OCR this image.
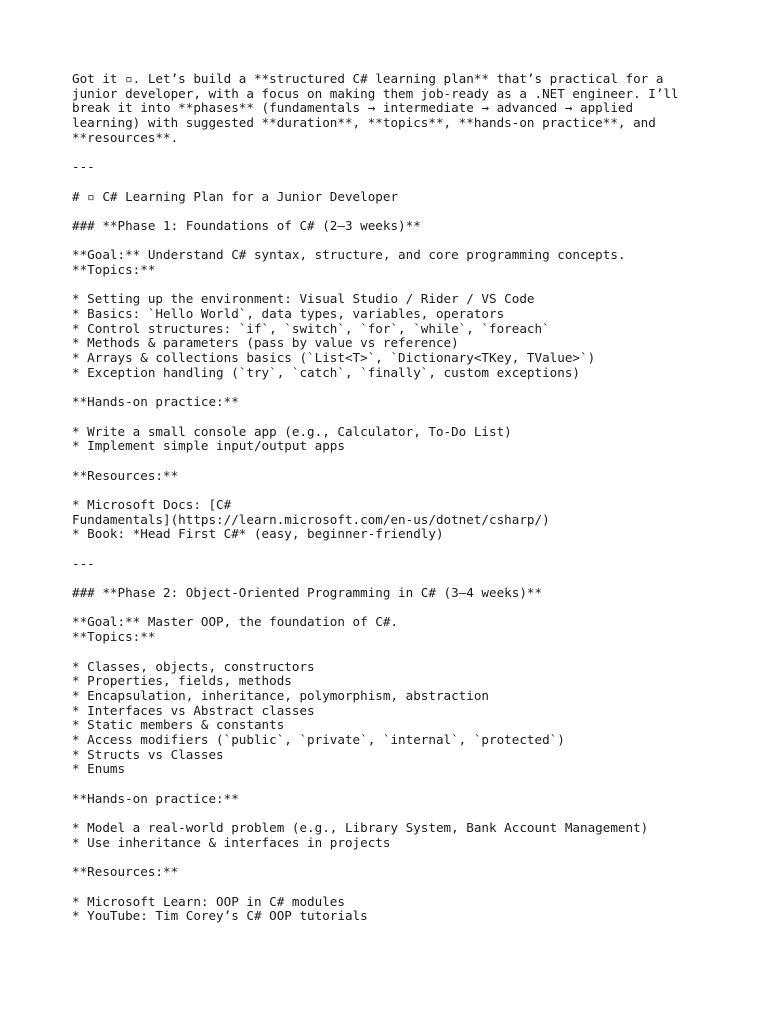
Got it ▫. Let’s build a **structured C# learning plan** that’s practical for a
junior developer, with a focus on making them job-ready as a .NET engineer. I’ll
break it into **phases** (fundamentals → intermediate → advanced → applied
learning) with suggested **duration**, **topics**, **hands-on practice**, and
**resources**.
---
# ▫ C# Learning Plan for a Junior Developer
### **Phase 1: Foundations of C# (2–3 weeks)**
**Goal:** Understand C# syntax, structure, and core programming concepts.
**Topics:**
* Setting up the environment: Visual Studio / Rider / VS Code
* Basics: `Hello World`, data types, variables, operators
* Control structures: `if`, `switch`, `for`, `while`, `foreach`
* Methods & parameters (pass by value vs reference)
* Arrays & collections basics (`List<T>`, `Dictionary<TKey, TValue>`)
* Exception handling (`try`, `catch`, `finally`, custom exceptions)
**Hands-on practice:**
* Write a small console app (e.g., Calculator, To-Do List)
* Implement simple input/output apps
**Resources:**
* Microsoft Docs: [C#
Fundamentals](https://learn.microsoft.com/en-us/dotnet/csharp/)
* Book: *Head First C#* (easy, beginner-friendly)
---
### **Phase 2: Object-Oriented Programming in C# (3–4 weeks)**
**Goal:** Master OOP, the foundation of C#.
**Topics:**
* Classes, objects, constructors
* Properties, fields, methods
* Encapsulation, inheritance, polymorphism, abstraction
* Interfaces vs Abstract classes
* Static members & constants
* Access modifiers (`public`, `private`, `internal`, `protected`)
* Structs vs Classes
* Enums
**Hands-on practice:**
* Model a real-world problem (e.g., Library System, Bank Account Management)
* Use inheritance & interfaces in projects
**Resources:**
* Microsoft Learn: OOP in C# modules
* YouTube: Tim Corey’s C# OOP tutorials
